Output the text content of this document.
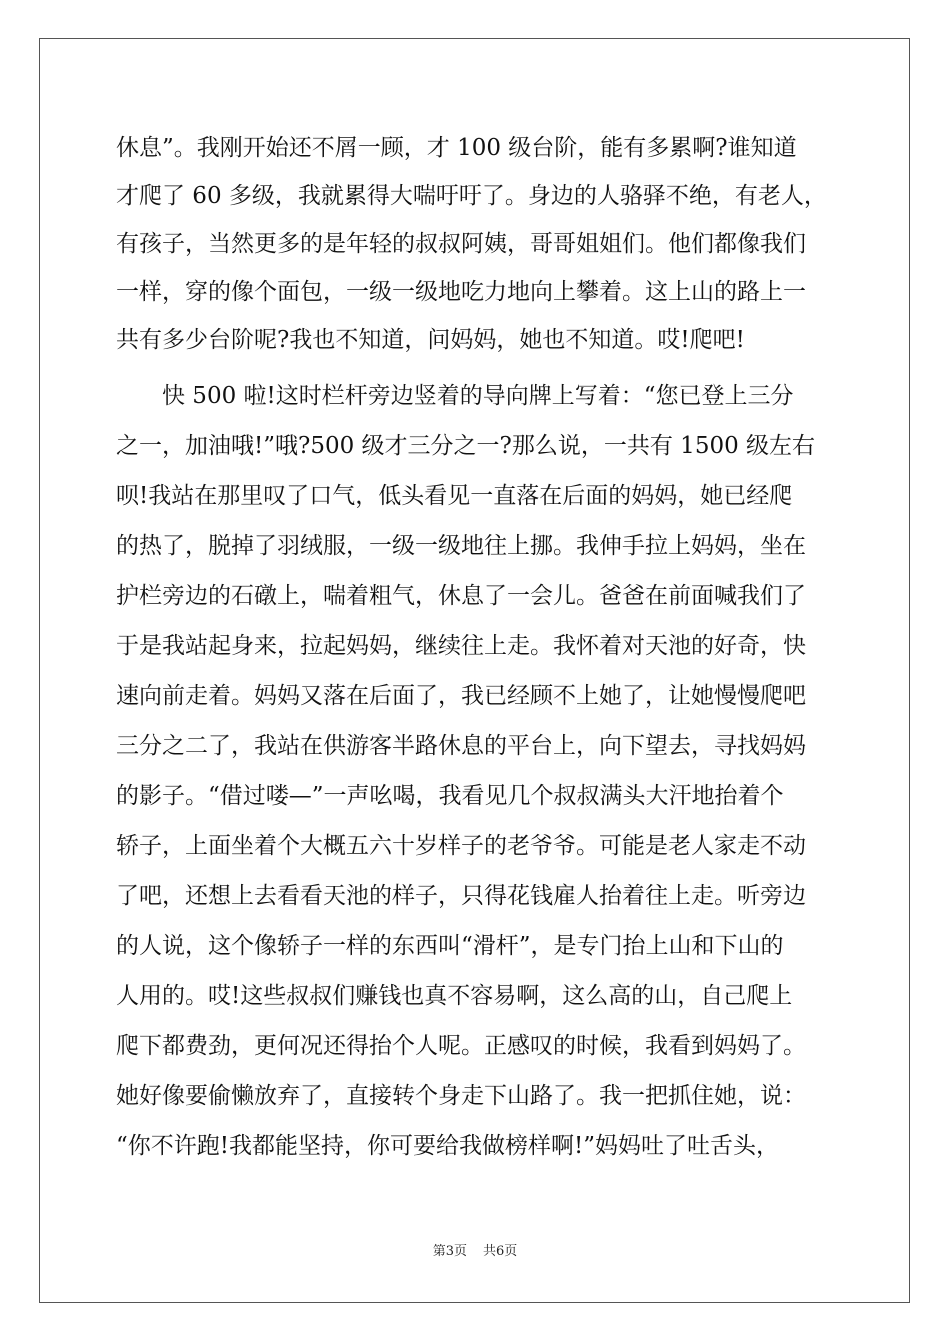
休息”。我刚开始还不屑一顾，才 100 级台阶，能有多累啊?谁知道
才爬了 60 多级，我就累得大喘吁吁了。身边的人骆驿不绝，有老人，
有孩子，当然更多的是年轻的叔叔阿姨，哥哥姐姐们。他们都像我们
一样，穿的像个面包，一级一级地吃力地向上攀着。这上山的路上一
共有多少台阶呢?我也不知道，问妈妈，她也不知道。哎!爬吧!
　　快 500 啦!这时栏杆旁边竖着的导向牌上写着：“您已登上三分
之一，加油哦!”哦?500 级才三分之一?那么说，一共有 1500 级左右
呗!我站在那里叹了口气，低头看见一直落在后面的妈妈，她已经爬
的热了，脱掉了羽绒服，一级一级地往上挪。我伸手拉上妈妈，坐在
护栏旁边的石礅上，喘着粗气，休息了一会儿。爸爸在前面喊我们了
于是我站起身来，拉起妈妈，继续往上走。我怀着对天池的好奇，快
速向前走着。妈妈又落在后面了，我已经顾不上她了，让她慢慢爬吧
三分之二了，我站在供游客半路休息的平台上，向下望去，寻找妈妈
的影子。“借过喽—”一声吆喝，我看见几个叔叔满头大汗地抬着个
轿子，上面坐着个大概五六十岁样子的老爷爷。可能是老人家走不动
了吧，还想上去看看天池的样子，只得花钱雇人抬着往上走。听旁边
的人说，这个像轿子一样的东西叫“滑杆”，是专门抬上山和下山的
人用的。哎!这些叔叔们赚钱也真不容易啊，这么高的山，自己爬上
爬下都费劲，更何况还得抬个人呢。正感叹的时候，我看到妈妈了。
她好像要偷懒放弃了，直接转个身走下山路了。我一把抓住她，说：
“你不许跑!我都能坚持，你可要给我做榜样啊!”妈妈吐了吐舌头，
第3页 共6页
